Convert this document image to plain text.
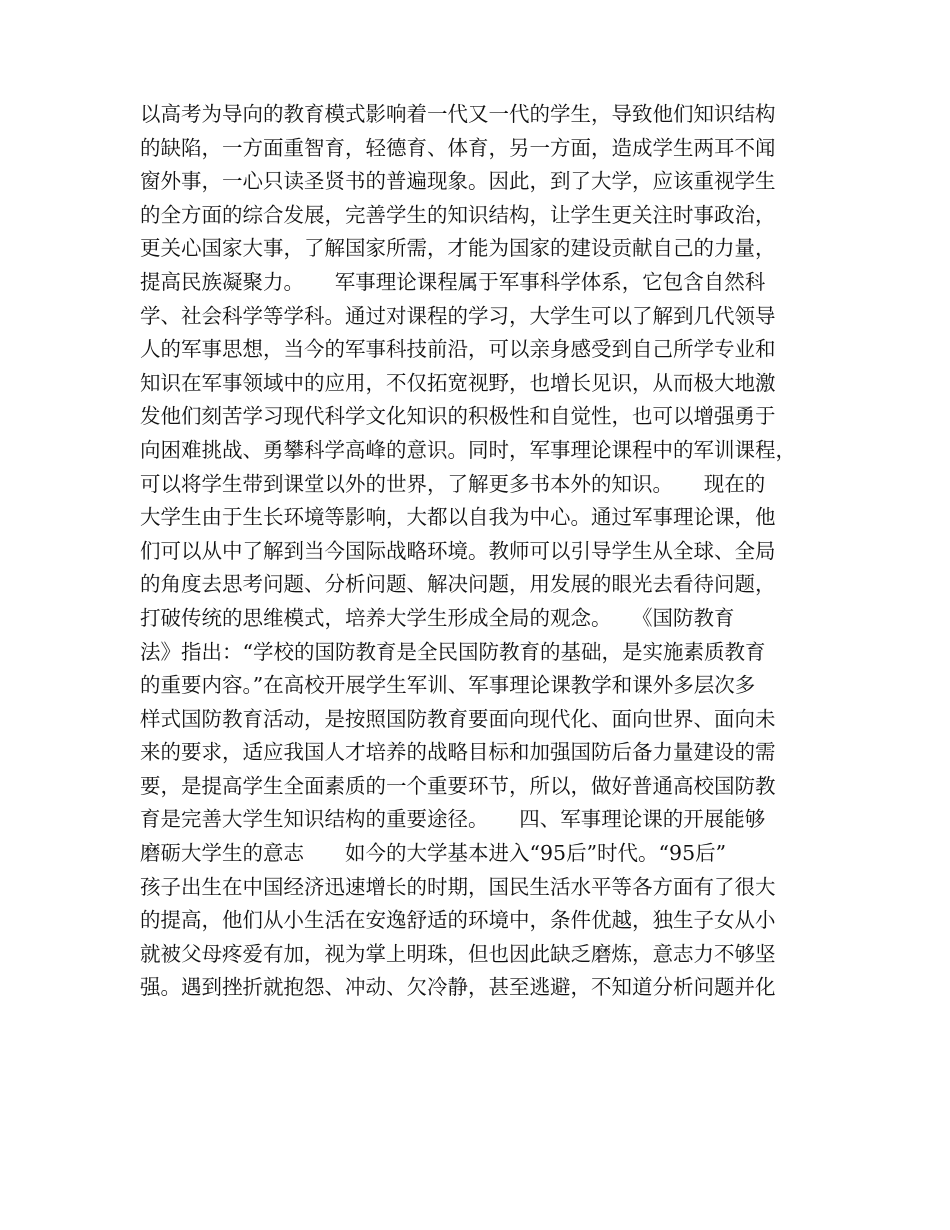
以高考为导向的教育模式影响着一代又一代的学生，导致他们知识结构
的缺陷，一方面重智育，轻德育、体育，另一方面，造成学生两耳不闻
窗外事，一心只读圣贤书的普遍现象。因此，到了大学，应该重视学生
的全方面的综合发展，完善学生的知识结构，让学生更关注时事政治，
更关心国家大事，了解国家所需，才能为国家的建设贡献自己的力量，
提高民族凝聚力。　　军事理论课程属于军事科学体系，它包含自然科
学、社会科学等学科。通过对课程的学习，大学生可以了解到几代领导
人的军事思想，当今的军事科技前沿，可以亲身感受到自己所学专业和
知识在军事领域中的应用，不仅拓宽视野，也增长见识，从而极大地激
发他们刻苦学习现代科学文化知识的积极性和自觉性，也可以增强勇于
向困难挑战、勇攀科学高峰的意识。同时，军事理论课程中的军训课程，
可以将学生带到课堂以外的世界，了解更多书本外的知识。　　现在的
大学生由于生长环境等影响，大都以自我为中心。通过军事理论课，他
们可以从中了解到当今国际战略环境。教师可以引导学生从全球、全局
的角度去思考问题、分析问题、解决问题，用发展的眼光去看待问题，
打破传统的思维模式，培养大学生形成全局的观念。　　《国防教育
法》指出：“学校的国防教育是全民国防教育的基础，是实施素质教育
的重要内容。”在高校开展学生军训、军事理论课教学和课外多层次多
样式国防教育活动，是按照国防教育要面向现代化、面向世界、面向未
来的要求，适应我国人才培养的战略目标和加强国防后备力量建设的需
要，是提高学生全面素质的一个重要环节，所以，做好普通高校国防教
育是完善大学生知识结构的重要途径。　　四、军事理论课的开展能够
磨砺大学生的意志　　如今的大学基本进入“95后”时代。“95后”
孩子出生在中国经济迅速增长的时期，国民生活水平等各方面有了很大
的提高，他们从小生活在安逸舒适的环境中，条件优越，独生子女从小
就被父母疼爱有加，视为掌上明珠，但也因此缺乏磨炼，意志力不够坚
强。遇到挫折就抱怨、冲动、欠冷静，甚至逃避，不知道分析问题并化
